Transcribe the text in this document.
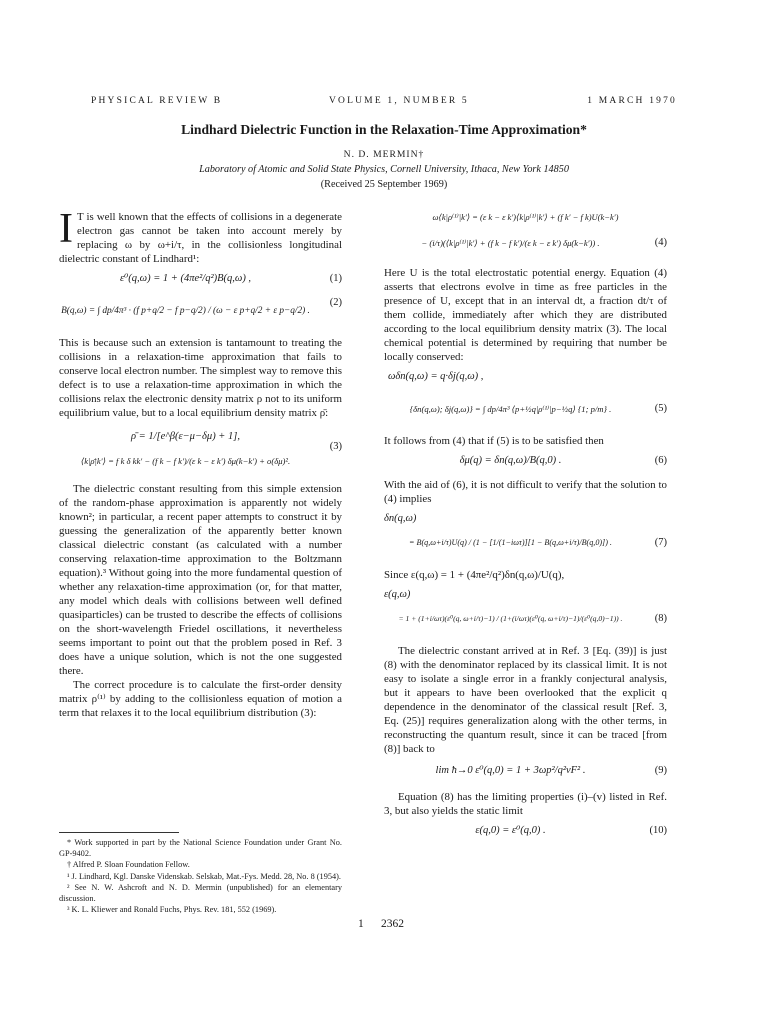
PHYSICAL REVIEW B	VOLUME 1, NUMBER 5	1 MARCH 1970
Lindhard Dielectric Function in the Relaxation-Time Approximation*
N. D. MERMIN†
Laboratory of Atomic and Solid State Physics, Cornell University, Ithaca, New York 14850
(Received 25 September 1969)
I T is well known that the effects of collisions in a degenerate electron gas cannot be taken into account merely by replacing ω by ω+i/τ, in the collisionless longitudinal dielectric constant of Lindhard¹:

ε⁰(q,ω) = 1 + (4πe²/q²)B(q,ω) ,	(1)
B(q,ω) = ∫ dp/4π³ · (f p+q/2 − f p−q/2) / (ω − ε p+q/2 + ε p−q/2) .
(2)

This is because such an extension is tantamount to treating the collisions in a relaxation-time approximation that fails to conserve local electron number. The simplest way to remove this defect is to use a relaxation-time approximation in which the collisions relax the electronic density matrix ρ not to its uniform equilibrium value, but to a local equilibrium density matrix ρ̄:

ρ̄ = 1/[e^β(ε−μ−δμ) + 1],
⟨k|ρ̄|k′⟩ = f k δ kk′ − (f k − f k′)/(ε k − ε k′) δμ(k−k′) + o(δμ)².
(3)

The dielectric constant resulting from this simple extension of the random-phase approximation is apparently not widely known²; in particular, a recent paper attempts to construct it by guessing the generalization of the apparently better known classical dielectric constant (as calculated with a number conserving relaxation-time approximation to the Boltzmann equation).³ Without going into the more fundamental question of whether any relaxation-time approximation (or, for that matter, any model which deals with collisions between well defined quasiparticles) can be trusted to describe the effects of collisions on the short-wavelength Friedel oscillations, it nevertheless seems important to point out that the problem posed in Ref. 3 does have a unique solution, which is not the one suggested there.

The correct procedure is to calculate the first-order density matrix ρ⁽¹⁾ by adding to the collisionless equation of motion a term that relaxes it to the local equilibrium distribution (3):

* Work supported in part by the National Science Foundation under Grant No. GP-9402.

† Alfred P. Sloan Foundation Fellow.

¹ J. Lindhard, Kgl. Danske Videnskab. Selskab, Mat.-Fys. Medd. 28, No. 8 (1954).

² See N. W. Ashcroft and N. D. Mermin (unpublished) for an elementary discussion.

³ K. L. Kliewer and Ronald Fuchs, Phys. Rev. 181, 552 (1969).

ω⟨k|ρ⁽¹⁾|k′⟩ = (ε k − ε k′)⟨k|ρ⁽¹⁾|k′⟩ + (f k′ − f k)U(k−k′)
− (i/τ)(⟨k|ρ⁽¹⁾|k′⟩ + (f k − f k′)/(ε k − ε k′) δμ(k−k′)) .	(4)

Here U is the total electrostatic potential energy. Equation (4) asserts that electrons evolve in time as free particles in the presence of U, except that in an interval dt, a fraction dt/τ of them collide, immediately after which they are distributed according to the local equilibrium density matrix (3). The local chemical potential is determined by requiring that number be locally conserved:

ωδn(q,ω) = q·δj(q,ω) ,
{δn(q,ω); δj(q,ω)} = ∫ dp/4π³ ⟨p+½q|ρ⁽¹⁾|p−½q⟩ {1; p/m} .	(5)

It follows from (4) that if (5) is to be satisfied then

δμ(q) = δn(q,ω)/B(q,0) .	(6)

With the aid of (6), it is not difficult to verify that the solution to (4) implies

δn(q,ω)
= B(q,ω+i/τ)U(q) / (1 − [1/(1−iωτ)][1 − B(q,ω+i/τ)/B(q,0)]) .	(7)

Since ε(q,ω) = 1 + (4πe²/q²)δn(q,ω)/U(q),

ε(q,ω)
= 1 + (1+i/ωτ)(ε⁰(q, ω+i/τ)−1) / (1+(i/ωτ)(ε⁰(q, ω+i/τ)−1)/(ε⁰(q,0)−1)) .	(8)

The dielectric constant arrived at in Ref. 3 [Eq. (39)] is just (8) with the denominator replaced by its classical limit. It is not easy to isolate a single error in a frankly conjectural analysis, but it appears to have been overlooked that the explicit q dependence in the denominator of the classical result [Ref. 3, Eq. (25)] requires generalization along with the other terms, in reconstructing the quantum result, since it can be traced [from (8)] back to

lim ħ→0 ε⁰(q,0) = 1 + 3ωp²/q²vF² .	(9)

Equation (8) has the limiting properties (i)–(v) listed in Ref. 3, but also yields the static limit

ε(q,0) = ε⁰(q,0) .	(10)
1      2362
